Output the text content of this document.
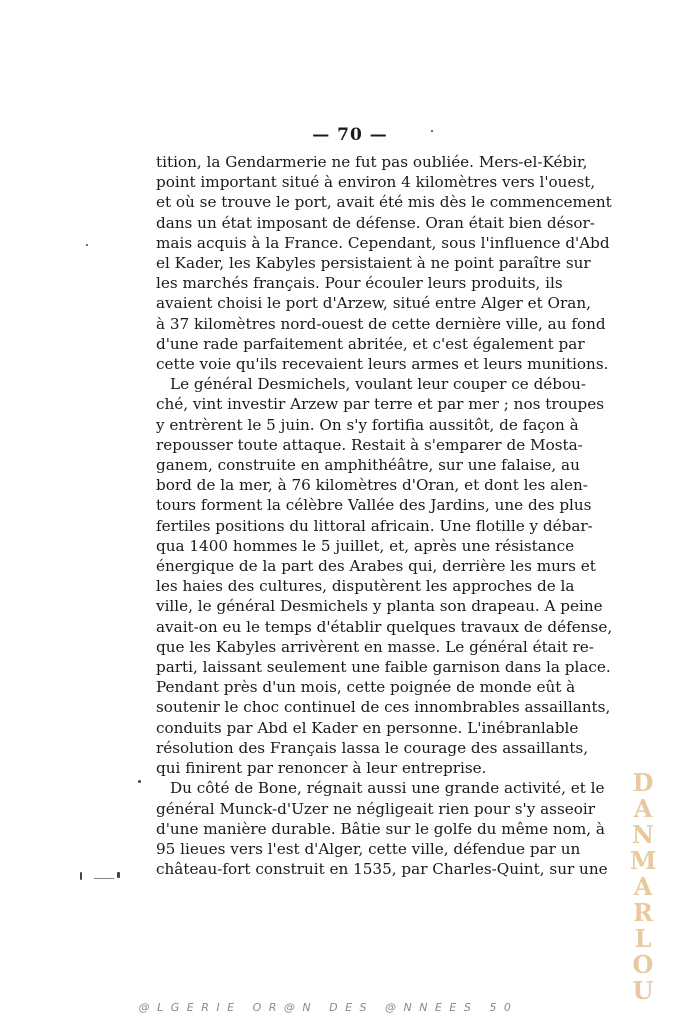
— 70 —
tition, la Gendarmerie ne fut pas oubliée. Mers-el-Kébir,
point important situé à environ 4 kilomètres vers l'ouest,
et où se trouve le port, avait été mis dès le commencement
dans un état imposant de défense. Oran était bien désor-
mais acquis à la France. Cependant, sous l'influence d'Abd
el Kader, les Kabyles persistaient à ne point paraître sur
les marchés français. Pour écouler leurs produits, ils
avaient choisi le port d'Arzew, situé entre Alger et Oran,
à 37 kilomètres nord-ouest de cette dernière ville, au fond
d'une rade parfaitement abritée, et c'est également par
cette voie qu'ils recevaient leurs armes et leurs munitions.
Le général Desmichels, voulant leur couper ce débou-
ché, vint investir Arzew par terre et par mer ; nos troupes
y entrèrent le 5 juin. On s'y fortifia aussitôt, de façon à
repousser toute attaque. Restait à s'emparer de Mosta-
ganem, construite en amphithéâtre, sur une falaise, au
bord de la mer, à 76 kilomètres d'Oran, et dont les alen-
tours forment la célèbre Vallée des Jardins, une des plus
fertiles positions du littoral africain. Une flotille y débar-
qua 1400 hommes le 5 juillet, et, après une résistance
énergique de la part des Arabes qui, derrière les murs et
les haies des cultures, disputèrent les approches de la
ville, le général Desmichels y planta son drapeau. A peine
avait-on eu le temps d'établir quelques travaux de défense,
que les Kabyles arrivèrent en masse. Le général était re-
parti, laissant seulement une faible garnison dans la place.
Pendant près d'un mois, cette poignée de monde eût à
soutenir le choc continuel de ces innombrables assaillants,
conduits par Abd el Kader en personne. L'inébranlable
résolution des Français lassa le courage des assaillants,
qui finirent par renoncer à leur entreprise.
Du côté de Bone, régnait aussi une grande activité, et le
général Munck-d'Uzer ne négligeait rien pour s'y asseoir
d'une manière durable. Bâtie sur le golfe du même nom, à
95 lieues vers l'est d'Alger, cette ville, défendue par un
château-fort construit en 1535, par Charles-Quint, sur une
D
A
N
M
A
R
L
O
U
@LGERIE OR@N DES @NNEES 50
